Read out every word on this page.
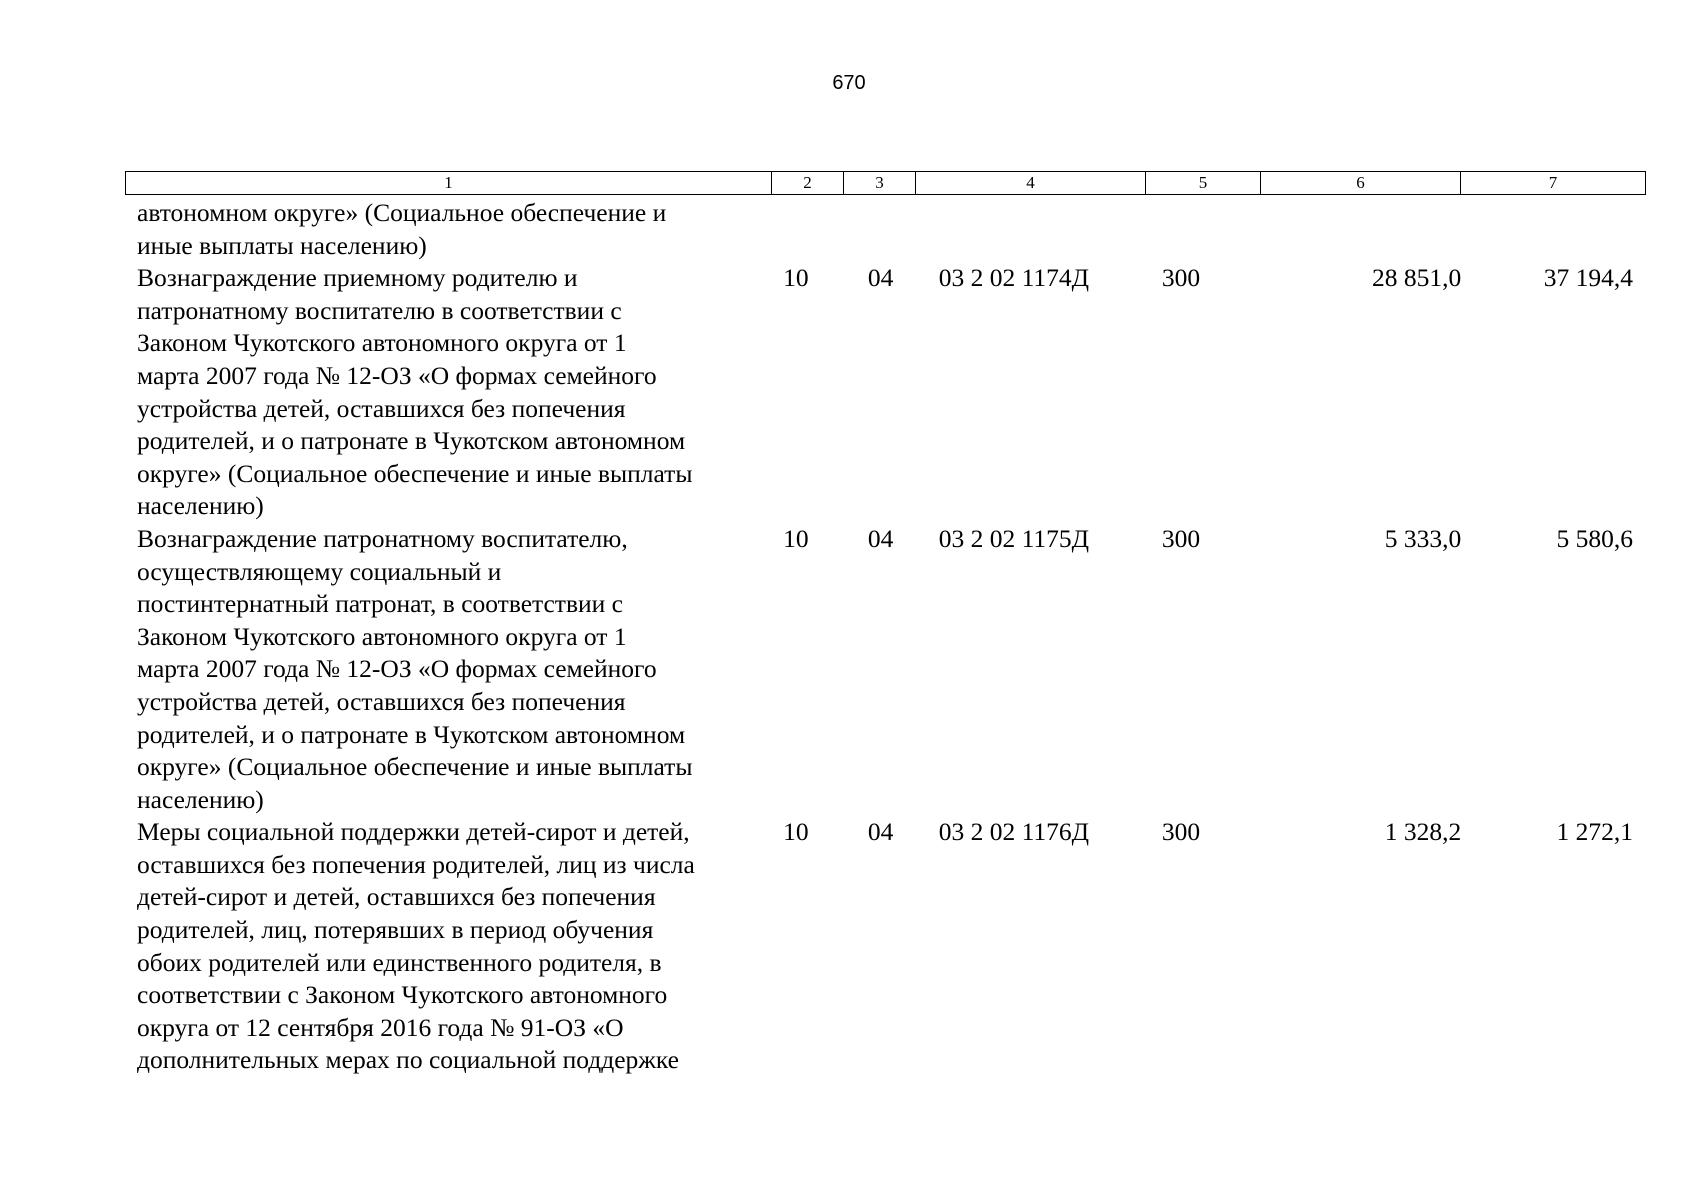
670
1	2	3	4	5	6	7
автономном округе» (Социальное обеспечение и
иные выплаты населению)
Вознаграждение приемному родителю и
патронатному воспитателю в соответствии с
Законом Чукотского автономного округа от 1
марта 2007 года № 12-ОЗ «О формах семейного
устройства детей, оставшихся без попечения
родителей, и о патронате в Чукотском автономном
округе» (Социальное обеспечение и иные выплаты
населению)
10	04	03 2 02 1174Д	300	28 851,0	37 194,4
Вознаграждение патронатному воспитателю,
осуществляющему социальный и
постинтернатный патронат, в соответствии с
Законом Чукотского автономного округа от 1
марта 2007 года № 12-ОЗ «О формах семейного
устройства детей, оставшихся без попечения
родителей, и о патронате в Чукотском автономном
округе» (Социальное обеспечение и иные выплаты
населению)
10	04	03 2 02 1175Д	300	5 333,0	5 580,6
Меры социальной поддержки детей-сирот и детей,
оставшихся без попечения родителей, лиц из числа
детей-сирот и детей, оставшихся без попечения
родителей, лиц, потерявших в период обучения
обоих родителей или единственного родителя, в
соответствии с Законом Чукотского автономного
округа от 12 сентября 2016 года № 91-ОЗ «О
дополнительных мерах по социальной поддержке
10	04	03 2 02 1176Д	300	1 328,2	1 272,1
